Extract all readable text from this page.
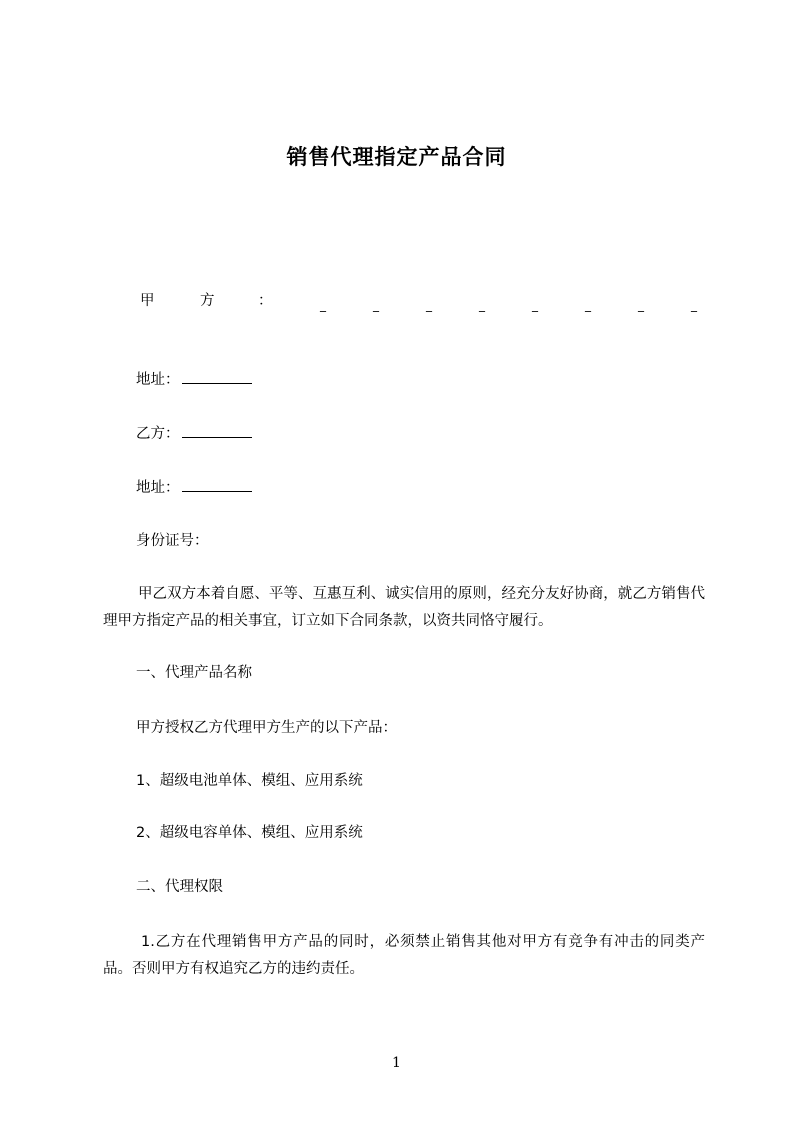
销售代理指定产品合同
甲	方	：	_	_	_	_	_	_	_	_
地址：
乙方：
地址：
身份证号：

甲乙双方本着自愿、平等、互惠互利、诚实信用的原则，经充分友好协商，就乙方销售代理甲方指定产品的相关事宜，订立如下合同条款，以资共同恪守履行。

一、代理产品名称
甲方授权乙方代理甲方生产的以下产品：
1、超级电池单体、模组、应用系统
2、超级电容单体、模组、应用系统
二、代理权限

1.乙方在代理销售甲方产品的同时，必须禁止销售其他对甲方有竞争有冲击的同类产品。否则甲方有权追究乙方的违约责任。

1
